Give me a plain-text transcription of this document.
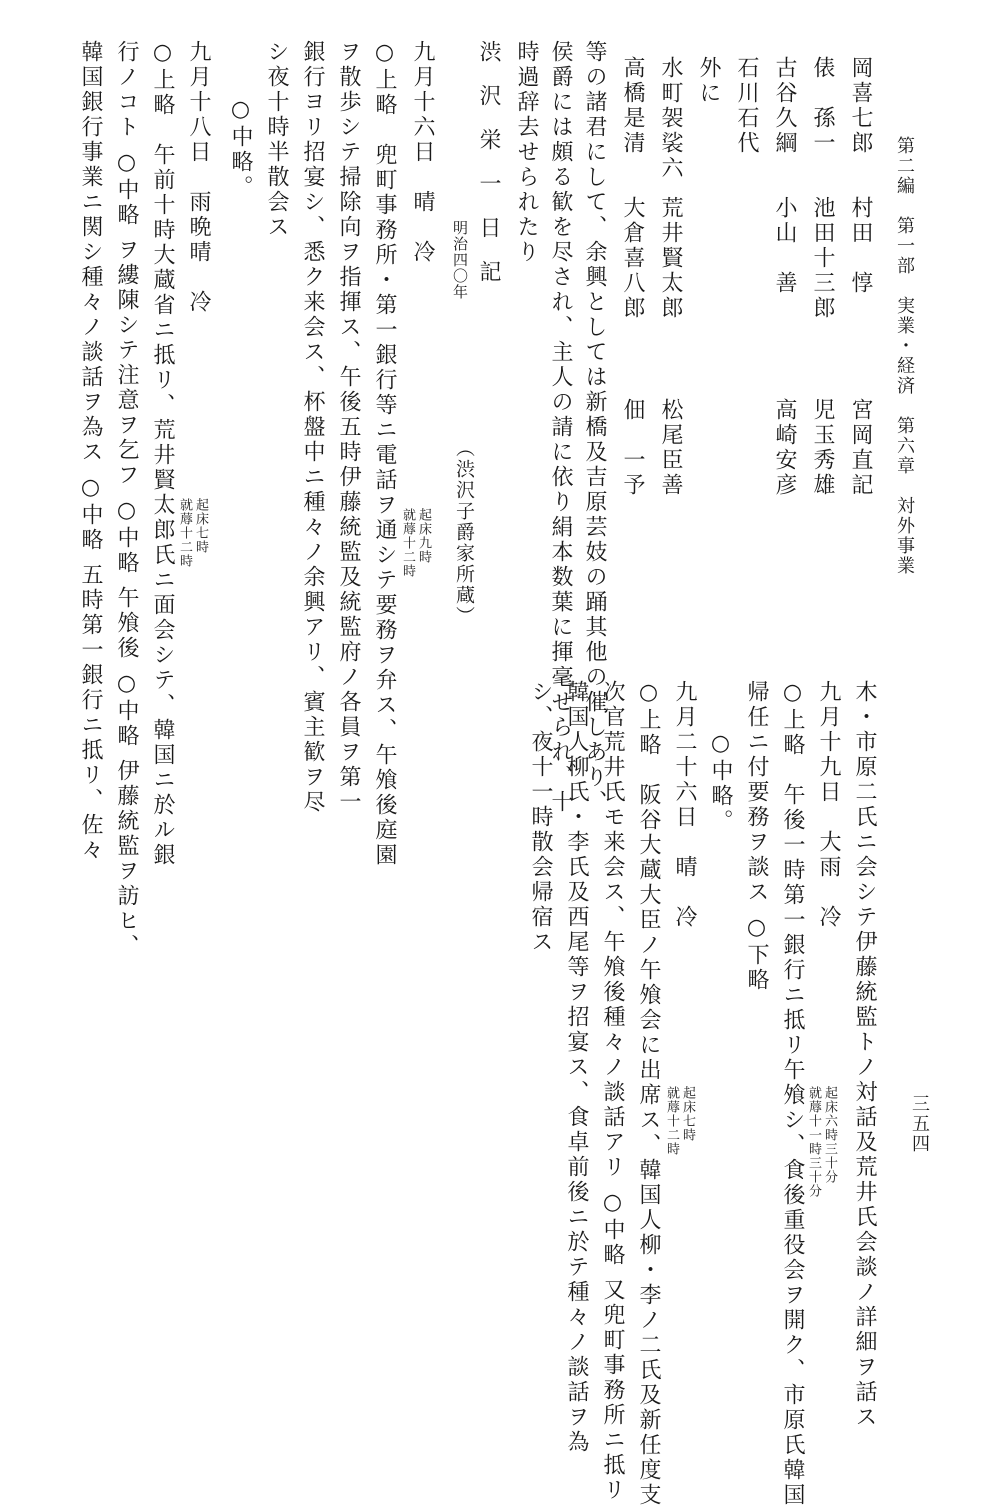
第二編　第一部　実業・経済　第六章　対外事業
三五四
岡喜七郎
村田　惇
宮岡直記
俵　孫一
池田十三郎
児玉秀雄
古谷久綱
小山　善
高崎安彦
石川石代
外に
水町袈裟六
荒井賢太郎
松尾臣善
高橋是清
大倉喜八郎
佃　一予
等の諸君にして、余興としては新橋及吉原芸妓の踊其他の催しあり、
侯爵には頗る歓を尽され、主人の請に依り絹本数葉に揮毫せられ、十
時過辞去せられたり
渋沢栄一日記
明治四〇年
（渋沢子爵家所蔵）
九月十六日　晴　冷
起床九時
就蓐十二時
○上略　兜町事務所・第一銀行等ニ電話ヲ通シテ要務ヲ弁ス、午飧後庭園
ヲ散歩シテ掃除向ヲ指揮ス、午後五時伊藤統監及統監府ノ各員ヲ第一
銀行ヨリ招宴シ、悉ク来会ス、杯盤中ニ種々ノ余興アリ、賓主歓ヲ尽
シ夜十時半散会ス
　○中略。
九月十八日　雨晩晴　冷
起床七時
就蓐十二時
○上略　午前十時大蔵省ニ抵リ、荒井賢太郎氏ニ面会シテ、韓国ニ於ル銀
行ノコト ○中略 ヲ縷陳シテ注意ヲ乞フ ○中略 午飧後 ○中略 伊藤統監ヲ訪ヒ、
韓国銀行事業ニ関シ種々ノ談話ヲ為ス ○中略 五時第一銀行ニ抵リ、佐々
木・市原二氏ニ会シテ伊藤統監トノ対話及荒井氏会談ノ詳細ヲ話ス
九月十九日　大雨　冷
起床六時三十分
就蓐十一時三十分
○上略　午後一時第一銀行ニ抵リ午飧シ、食後重役会ヲ開ク、市原氏韓国
帰任ニ付要務ヲ談ス ○下略
　○中略。
九月二十六日　晴　冷
起床七時
就蓐十二時
○上略　阪谷大蔵大臣ノ午飧会に出席ス、韓国人柳・李ノ二氏及新任度支
次官荒井氏モ来会ス、午飧後種々ノ談話アリ ○中略 又兜町事務所ニ抵リ
韓国人柳氏・李氏及西尾等ヲ招宴ス、食卓前後ニ於テ種々ノ談話ヲ為
シ、夜十一時散会帰宿ス
